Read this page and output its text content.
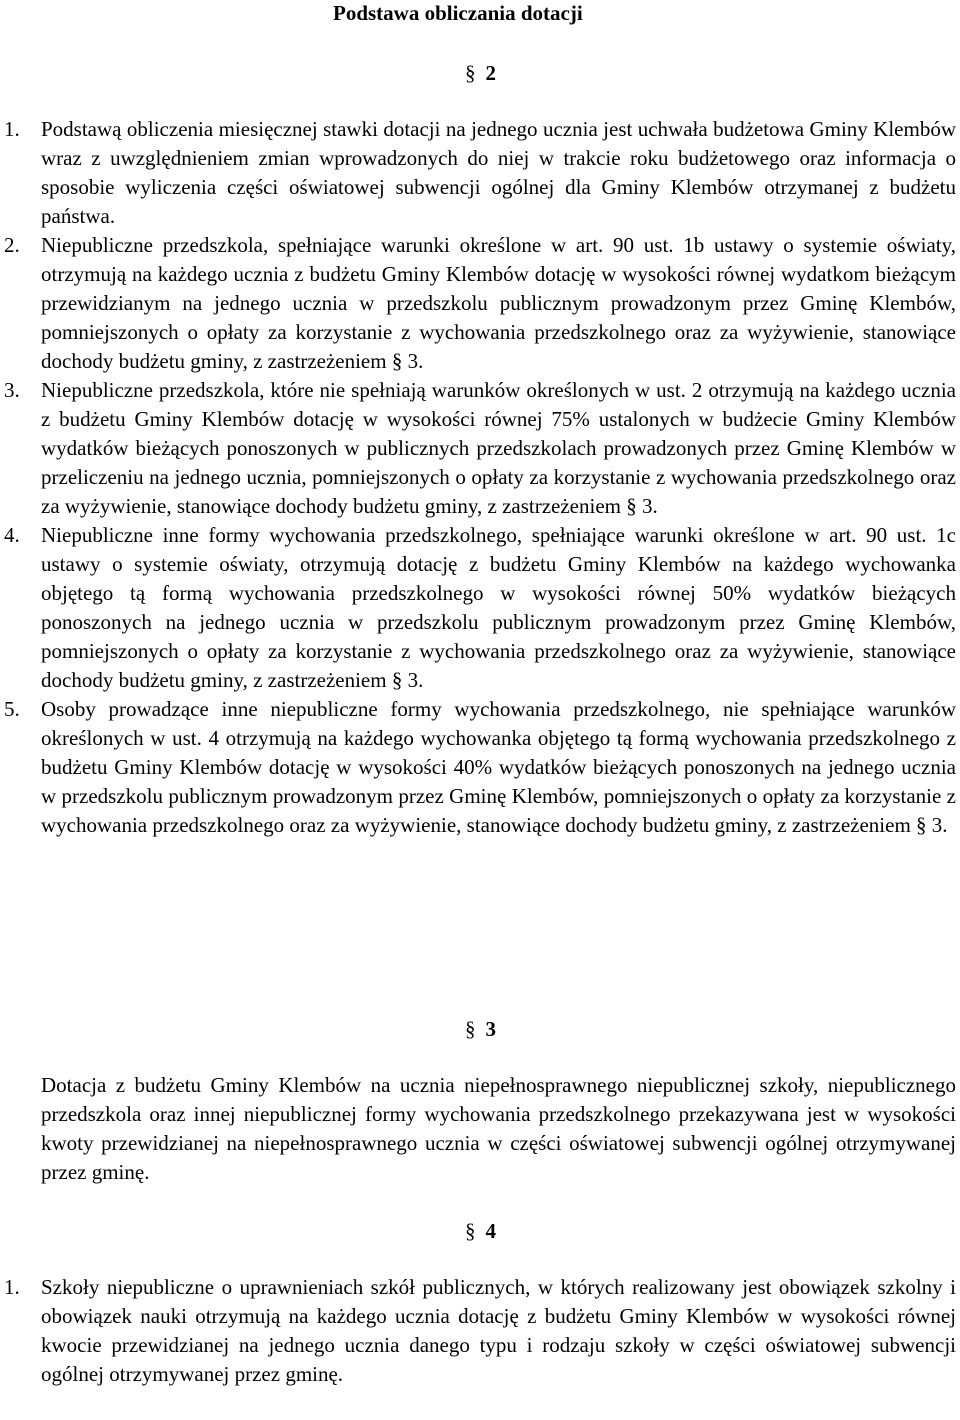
Podstawa obliczania dotacji
§ 2
1. Podstawą obliczenia miesięcznej stawki dotacji na jednego ucznia jest uchwała budżetowa Gminy Klembów wraz z uwzględnieniem zmian wprowadzonych do niej w trakcie roku budżetowego oraz informacja o sposobie wyliczenia części oświatowej subwencji ogólnej dla Gminy Klembów otrzymanej z budżetu państwa.
2. Niepubliczne przedszkola, spełniające warunki określone w art. 90 ust. 1b ustawy o systemie oświaty, otrzymują na każdego ucznia z budżetu Gminy Klembów dotację w wysokości równej wydatkom bieżącym przewidzianym na jednego ucznia w przedszkolu publicznym prowadzonym przez Gminę Klembów, pomniejszonych o opłaty za korzystanie z wychowania przedszkolnego oraz za wyżywienie, stanowiące dochody budżetu gminy, z zastrzeżeniem § 3.
3. Niepubliczne przedszkola, które nie spełniają warunków określonych w ust. 2 otrzymują na każdego ucznia z budżetu Gminy Klembów dotację w wysokości równej 75% ustalonych w budżecie Gminy Klembów wydatków bieżących ponoszonych w publicznych przedszkolach prowadzonych przez Gminę Klembów w przeliczeniu na jednego ucznia, pomniejszonych o opłaty za korzystanie z wychowania przedszkolnego oraz za wyżywienie, stanowiące dochody budżetu gminy, z zastrzeżeniem § 3.
4. Niepubliczne inne formy wychowania przedszkolnego, spełniające warunki określone w art. 90 ust. 1c ustawy o systemie oświaty, otrzymują dotację z budżetu Gminy Klembów na każdego wychowanka objętego tą formą wychowania przedszkolnego w wysokości równej 50% wydatków bieżących ponoszonych na jednego ucznia w przedszkolu publicznym prowadzonym przez Gminę Klembów, pomniejszonych o opłaty za korzystanie z wychowania przedszkolnego oraz za wyżywienie, stanowiące dochody budżetu gminy, z zastrzeżeniem § 3.
5. Osoby prowadzące inne niepubliczne formy wychowania przedszkolnego, nie spełniające warunków określonych w ust. 4 otrzymują na każdego wychowanka objętego tą formą wychowania przedszkolnego z budżetu Gminy Klembów dotację w wysokości 40% wydatków bieżących ponoszonych na jednego ucznia w przedszkolu publicznym prowadzonym przez Gminę Klembów, pomniejszonych o opłaty za korzystanie z wychowania przedszkolnego oraz za wyżywienie, stanowiące dochody budżetu gminy, z zastrzeżeniem § 3.
§ 3

Dotacja z budżetu Gminy Klembów na ucznia niepełnosprawnego niepublicznej szkoły, niepublicznego przedszkola oraz innej niepublicznej formy wychowania przedszkolnego przekazywana jest w wysokości kwoty przewidzianej na niepełnosprawnego ucznia w części oświatowej subwencji ogólnej otrzymywanej przez gminę.

§ 4
1. Szkoły niepubliczne o uprawnieniach szkół publicznych, w których realizowany jest obowiązek szkolny i obowiązek nauki otrzymują na każdego ucznia dotację z budżetu Gminy Klembów w wysokości równej kwocie przewidzianej na jednego ucznia danego typu i rodzaju szkoły w części oświatowej subwencji ogólnej otrzymywanej przez gminę.
